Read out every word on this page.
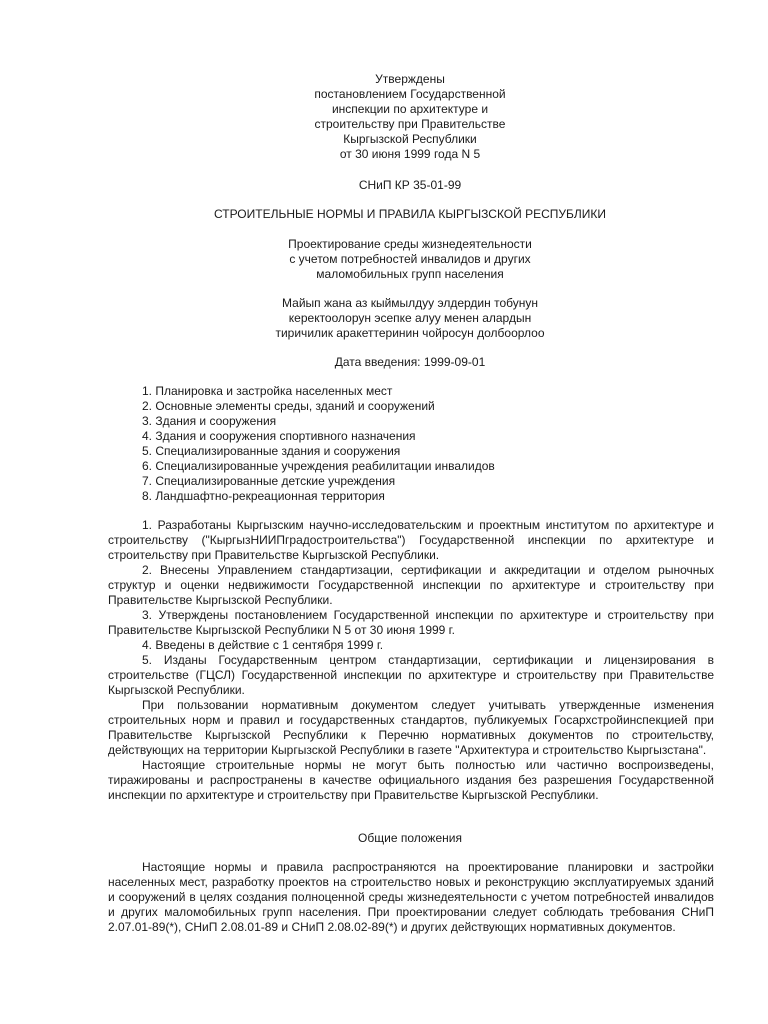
Утверждены

постановлением Государственной

инспекции по архитектуре и

строительству при Правительстве

Кыргызской Республики

от 30 июня 1999 года N 5

СНиП КР 35-01-99

СТРОИТЕЛЬНЫЕ НОРМЫ И ПРАВИЛА КЫРГЫЗСКОЙ РЕСПУБЛИКИ

Проектирование среды жизнедеятельности

с учетом потребностей инвалидов и других

маломобильных групп населения

Майып жана аз кыймылдуу элдердин тобунун

керектоолорун эсепке алуу менен алардын

тиричилик аракеттеринин чойросун долбоорлоо

Дата введения: 1999-09-01

1. Планировка и застройка населенных мест
2. Основные элементы среды, зданий и сооружений
3. Здания и сооружения
4. Здания и сооружения спортивного назначения
5. Специализированные здания и сооружения
6. Специализированные учреждения реабилитации инвалидов
7. Специализированные детские учреждения
8. Ландшафтно-рекреационная территория

1. Разработаны Кыргызским научно-исследовательским и проектным институтом по архитектуре и строительству ("КыргызНИИПградостроительства") Государственной инспекции по архитектуре и строительству при Правительстве Кыргызской Республики.

2. Внесены Управлением стандартизации, сертификации и аккредитации и отделом рыночных структур и оценки недвижимости Государственной инспекции по архитектуре и строительству при Правительстве Кыргызской Республики.

3. Утверждены постановлением Государственной инспекции по архитектуре и строительству при Правительстве Кыргызской Республики N 5 от 30 июня 1999 г.

4. Введены в действие с 1 сентября 1999 г.

5. Изданы Государственным центром стандартизации, сертификации и лицензирования в строительстве (ГЦСЛ) Государственной инспекции по архитектуре и строительству при Правительстве Кыргызской Республики.

При пользовании нормативным документом следует учитывать утвержденные изменения строительных норм и правил и государственных стандартов, публикуемых Госархстройинспекцией при Правительстве Кыргызской Республики к Перечню нормативных документов по строительству, действующих на территории Кыргызской Республики в газете "Архитектура и строительство Кыргызстана".

Настоящие строительные нормы не могут быть полностью или частично воспроизведены, тиражированы и распространены в качестве официального издания без разрешения Государственной инспекции по архитектуре и строительству при Правительстве Кыргызской Республики.

Общие положения

Настоящие нормы и правила распространяются на проектирование планировки и застройки населенных мест, разработку проектов на строительство новых и реконструкцию эксплуатируемых зданий и сооружений в целях создания полноценной среды жизнедеятельности с учетом потребностей инвалидов и других маломобильных групп населения. При проектировании следует соблюдать требования СНиП 2.07.01-89(*), СНиП 2.08.01-89 и СНиП 2.08.02-89(*) и других действующих нормативных документов.
